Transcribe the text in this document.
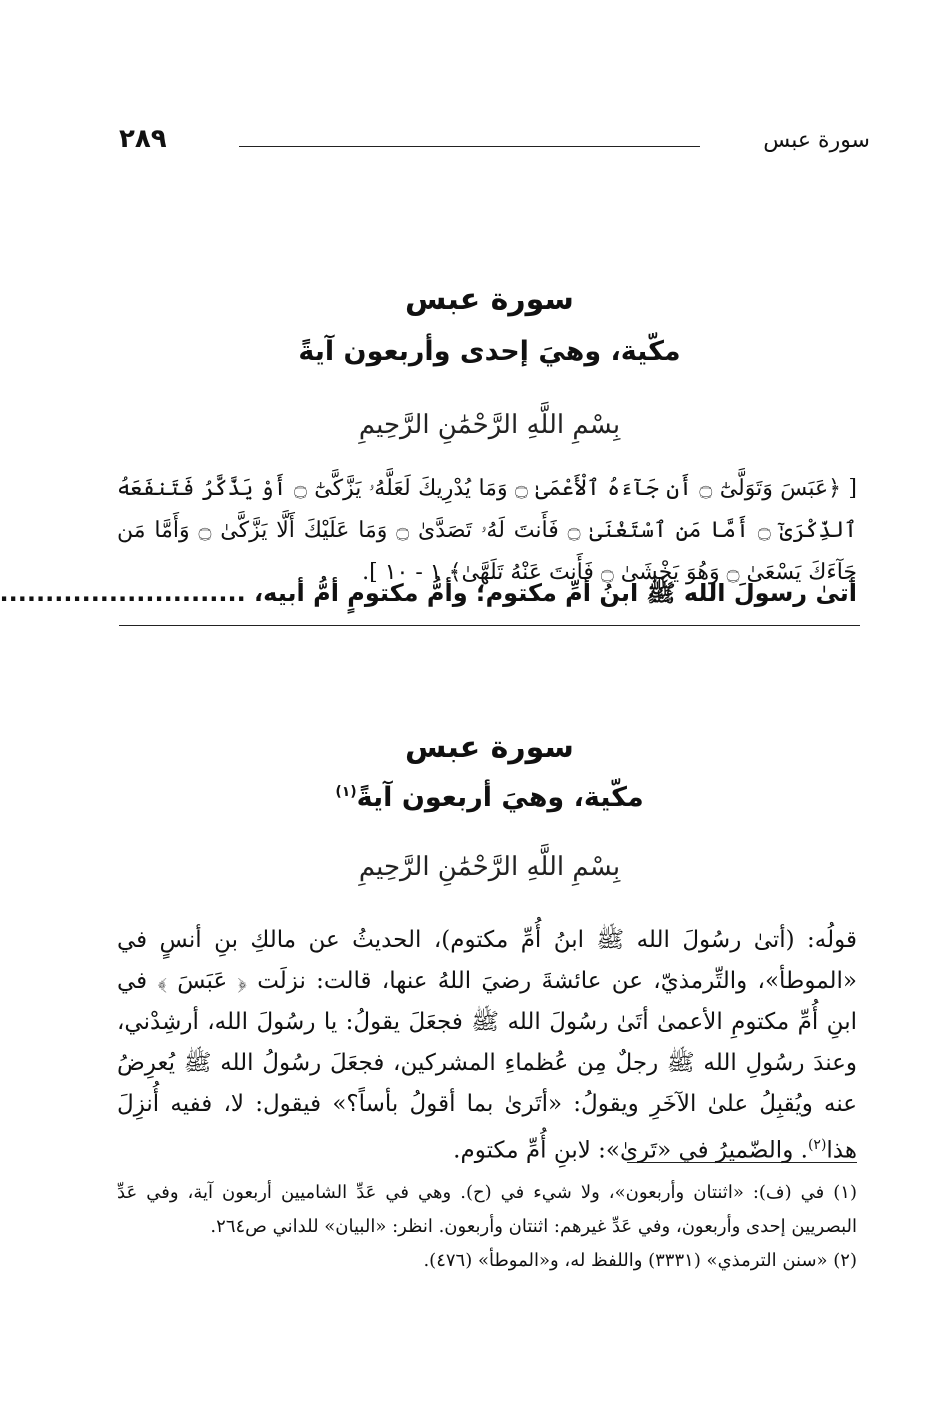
٢٨٩	سورة عبس
سورة عبس
مكّية، وهيَ إحدى وأربعون آيةً
بِسْمِ اللَّهِ الرَّحْمَٰنِ الرَّحِيمِ
[ ﴿عَبَسَ وَتَوَلَّىٰٓ ۝ أَن جَآءَهُ ٱلْأَعْمَىٰ ۝ وَمَا يُدْرِيكَ لَعَلَّهُۥ يَزَّكَّىٰٓ ۝ أَوْ يَذَّكَّرُ فَتَنفَعَهُ ٱلذِّكْرَىٰٓ ۝ أَمَّا مَنِ ٱسْتَغْنَىٰ ۝ فَأَنتَ لَهُۥ تَصَدَّىٰ ۝ وَمَا عَلَيْكَ أَلَّا يَزَّكَّىٰ ۝ وَأَمَّا مَن جَآءَكَ يَسْعَىٰ ۝ وَهُوَ يَخْشَىٰ ۝ فَأَنتَ عَنْهُ تَلَهَّىٰ﴾ ١ - ١٠ ].
أتىٰ رسولَ الله ﷺ ابنُ أمِّ مكتوم؛ وأمُّ مكتومٍ أمُّ أبيه، ...........................
سورة عبس
مكّية، وهيَ أربعون آيةً$^{(١)}$
بِسْمِ اللَّهِ الرَّحْمَٰنِ الرَّحِيمِ
قولُه: (أتىٰ رسُولَ الله ﷺ ابنُ أُمِّ مكتوم)، الحديثُ عن مالكِ بنِ أنسٍ في «الموطأ»، والتِّرمذيّ، عن عائشةَ رضيَ اللهُ عنها، قالت: نزلَت ﴿ عَبَسَ ﴾ في ابنِ أُمِّ مكتومِ الأعمىٰ أتَىٰ رسُولَ الله ﷺ فجعَلَ يقولُ: يا رسُولَ الله، أرشِدْني، وعندَ رسُولِ الله ﷺ رجلٌ مِن عُظماءِ المشركين، فجعَلَ رسُولُ الله ﷺ يُعرِضُ عنه ويُقبِلُ علىٰ الآخَرِ ويقولُ: «أتَرىٰ بما أقولُ بأساً؟» فيقول: لا، ففيه أُنزِلَ هذا$^{(٢)}$. والضّميرُ في «تَرىٰ»: لابنِ أُمِّ مكتوم.

(١) في (ف): «اثنتان وأربعون»، ولا شيء في (ح). وهي في عَدِّ الشاميين أربعون آية، وفي عَدِّ البصريين إحدى وأربعون، وفي عَدِّ غيرهم: اثنتان وأربعون. انظر: «البيان» للداني ص٢٦٤.

(٢) «سنن الترمذي» (٣٣٣١) واللفظ له، و«الموطأ» (٤٧٦).
